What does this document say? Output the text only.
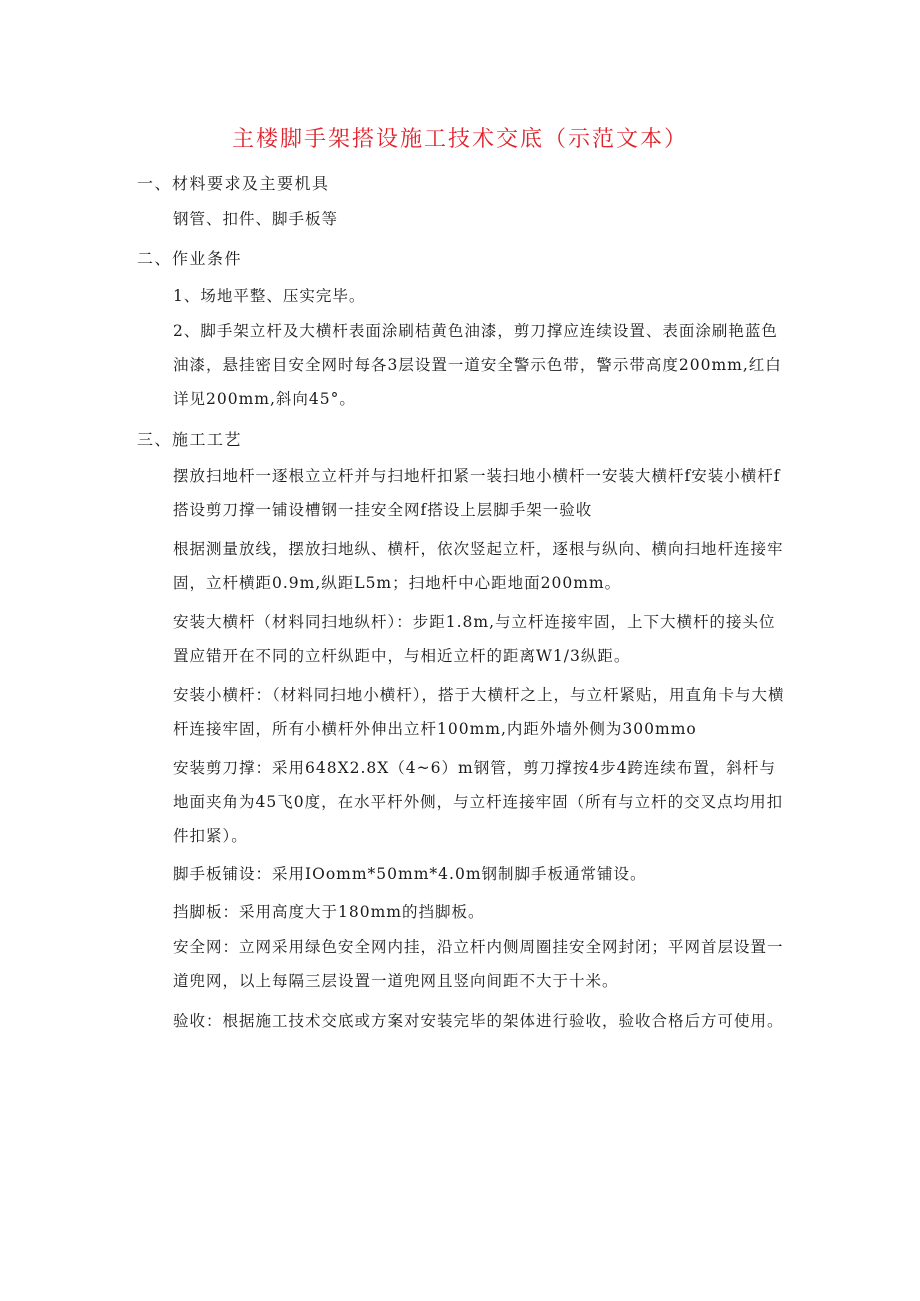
主楼脚手架搭设施工技术交底（示范文本）
一、材料要求及主要机具
钢管、扣件、脚手板等
二、作业条件
1、场地平整、压实完毕。
2、脚手架立杆及大横杆表面涂刷桔黄色油漆，剪刀撑应连续设置、表面涂刷艳蓝色油漆，悬挂密目安全网时每各3层设置一道安全警示色带，警示带高度200mm,红白详见200mm,斜向45°。
三、施工工艺
摆放扫地杆一逐根立立杆并与扫地杆扣紧一装扫地小横杆一安装大横杆f安装小横杆f搭设剪刀撑一铺设槽钢一挂安全网f搭设上层脚手架一验收
根据测量放线，摆放扫地纵、横杆，依次竖起立杆，逐根与纵向、横向扫地杆连接牢固，立杆横距0.9m,纵距L5m；扫地杆中心距地面200mm。
安装大横杆（材料同扫地纵杆）：步距1.8m,与立杆连接牢固，上下大横杆的接头位置应错开在不同的立杆纵距中，与相近立杆的距离W1/3纵距。
安装小横杆：（材料同扫地小横杆），搭于大横杆之上，与立杆紧贴，用直角卡与大横杆连接牢固，所有小横杆外伸出立杆100mm,内距外墙外侧为300mmo
安装剪刀撑：采用648X2.8X（4~6）m钢管，剪刀撑按4步4跨连续布置，斜杆与地面夹角为45飞0度，在水平杆外侧，与立杆连接牢固（所有与立杆的交叉点均用扣件扣紧）。
脚手板铺设：采用IOomm*50mm*4.0m钢制脚手板通常铺设。
挡脚板：采用高度大于180mm的挡脚板。
安全网：立网采用绿色安全网内挂，沿立杆内侧周圈挂安全网封闭；平网首层设置一道兜网，以上每隔三层设置一道兜网且竖向间距不大于十米。
验收：根据施工技术交底或方案对安装完毕的架体进行验收，验收合格后方可使用。
